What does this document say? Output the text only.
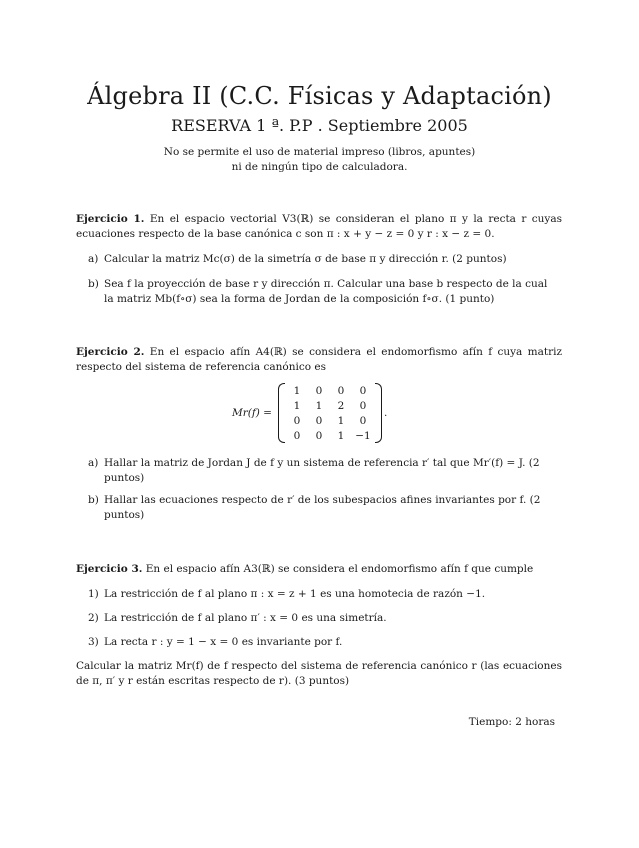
Álgebra II (C.C. Físicas y Adaptación)
RESERVA 1 ª. P.P . Septiembre 2005
No se permite el uso de material impreso (libros, apuntes)
ni de ningún tipo de calculadora.
Ejercicio 1. En el espacio vectorial V3(ℝ) se consideran el plano π y la recta r cuyas ecuaciones respecto de la base canónica c son π : x + y − z = 0 y r : x − z = 0.
a) Calcular la matriz Mc(σ) de la simetría σ de base π y dirección r. (2 puntos)
b) Sea f la proyección de base r y dirección π. Calcular una base b respecto de la cual la matriz Mb(f∘σ) sea la forma de Jordan de la composición f∘σ. (1 punto)
Ejercicio 2. En el espacio afín A4(ℝ) se considera el endomorfismo afín f cuya matriz respecto del sistema de referencia canónico es
Mr(f) =
1	0	0	0
1	1	2	0
0	0	1	0
0	0	1	−1
.
a) Hallar la matriz de Jordan J de f y un sistema de referencia r′ tal que Mr′(f) = J. (2 puntos)
b) Hallar las ecuaciones respecto de r′ de los subespacios afines invariantes por f. (2 puntos)
Ejercicio 3. En el espacio afín A3(ℝ) se considera el endomorfismo afín f que cumple
1) La restricción de f al plano π : x = z + 1 es una homotecia de razón −1.
2) La restricción de f al plano π′ : x = 0 es una simetría.
3) La recta r : y = 1 − x = 0 es invariante por f.
Calcular la matriz Mr(f) de f respecto del sistema de referencia canónico r (las ecuaciones de π, π′ y r están escritas respecto de r). (3 puntos)
Tiempo: 2 horas
